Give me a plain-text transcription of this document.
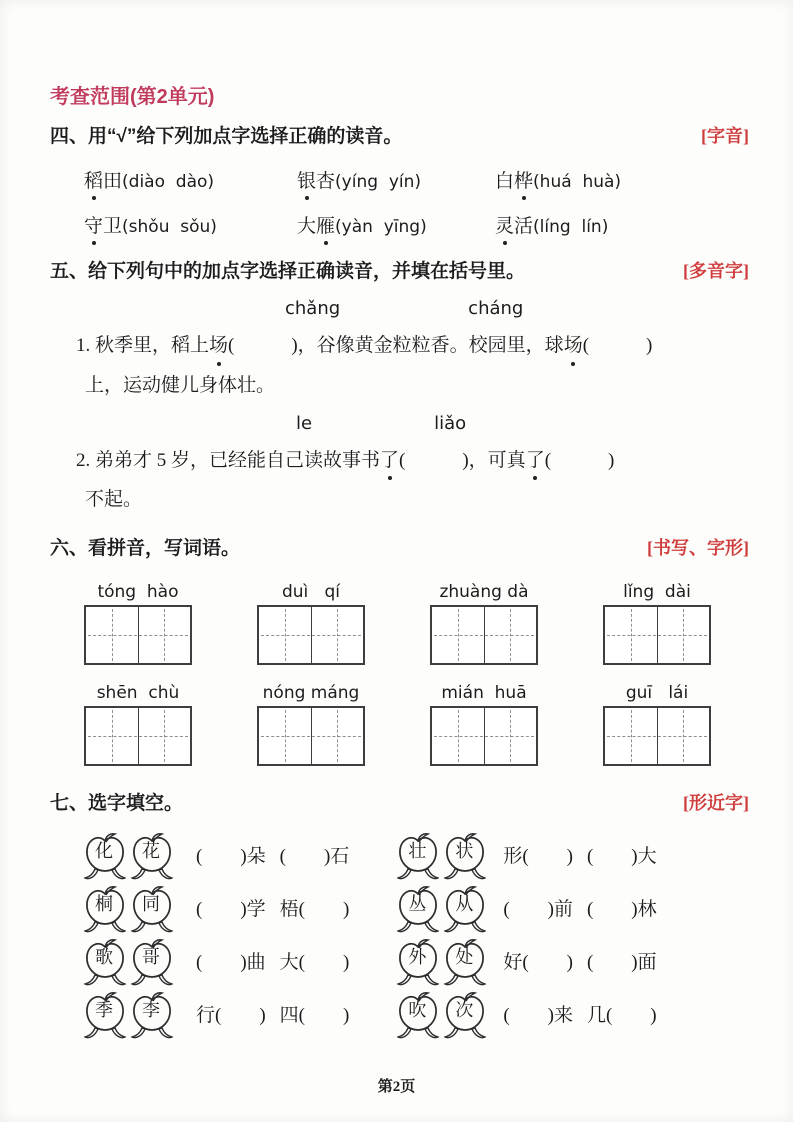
考查范围(第2单元)
四、用“√”给下列加点字选择正确的读音。	[字音]
稻田(diào  dào)	银杏(yíng  yín)	白桦(huá  huà)
守卫(shǒu  sǒu)	大雁(yàn  yīng)	灵活(líng  lín)
五、给下列句中的加点字选择正确读音，并填在括号里。	[多音字]
chǎng	cháng
1. 秋季里，稻上场(　　　)，谷像黄金粒粒香。校园里，球场(　　　)
上，运动健儿身体壮。
le	liǎo
2. 弟弟才 5 岁，已经能自己读故事书了(　　　)，可真了(　　　)
不起。
六、看拼音，写词语。	[书写、字形]
tóng  hào	duì   qí	zhuàng dà	lǐng  dài
shēn  chù	nóng máng	mián  huā	guī   lái
七、选字填空。	[形近字]
化	花	(　　)朵 (　　)石	壮	状	形(　　) (　　)大
桐	同	(　　)学 梧(　　)	丛	从	(　　)前 (　　)林
歌	哥	(　　)曲 大(　　)	外	处	好(　　) (　　)面
季	李	行(　　) 四(　　)	吹	次	(　　)来 几(　　)
第2页
